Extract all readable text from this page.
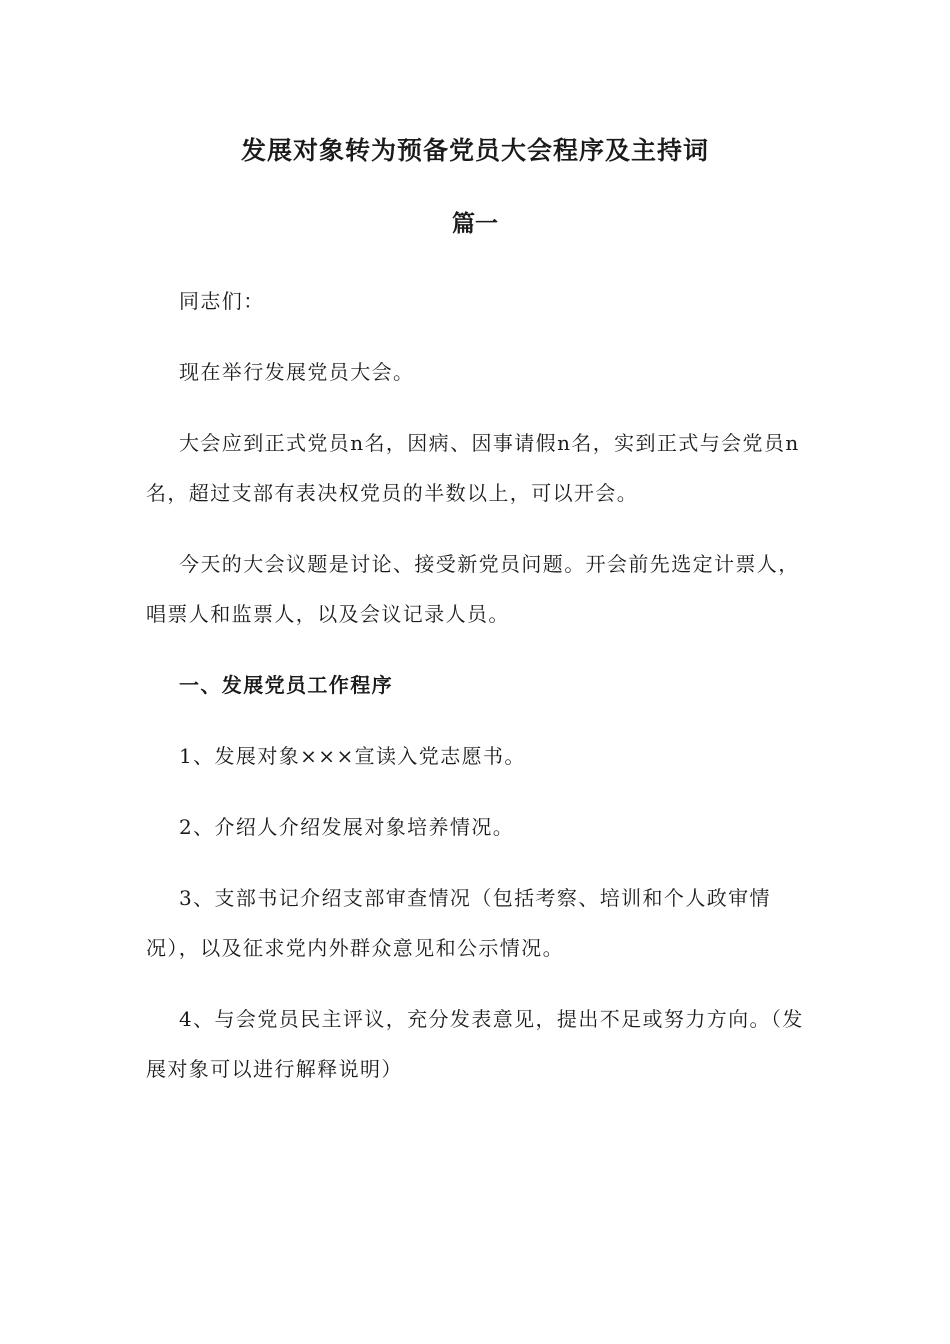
发展对象转为预备党员大会程序及主持词
篇一

同志们：

现在举行发展党员大会。

大会应到正式党员n名，因病、因事请假n名，实到正式与会党员n名，超过支部有表决权党员的半数以上，可以开会。

今天的大会议题是讨论、接受新党员问题。开会前先选定计票人，唱票人和监票人，以及会议记录人员。

一、发展党员工作程序

1、发展对象×××宣读入党志愿书。

2、介绍人介绍发展对象培养情况。

3、支部书记介绍支部审查情况（包括考察、培训和个人政审情况），以及征求党内外群众意见和公示情况。

4、与会党员民主评议，充分发表意见，提出不足或努力方向。（发展对象可以进行解释说明）
